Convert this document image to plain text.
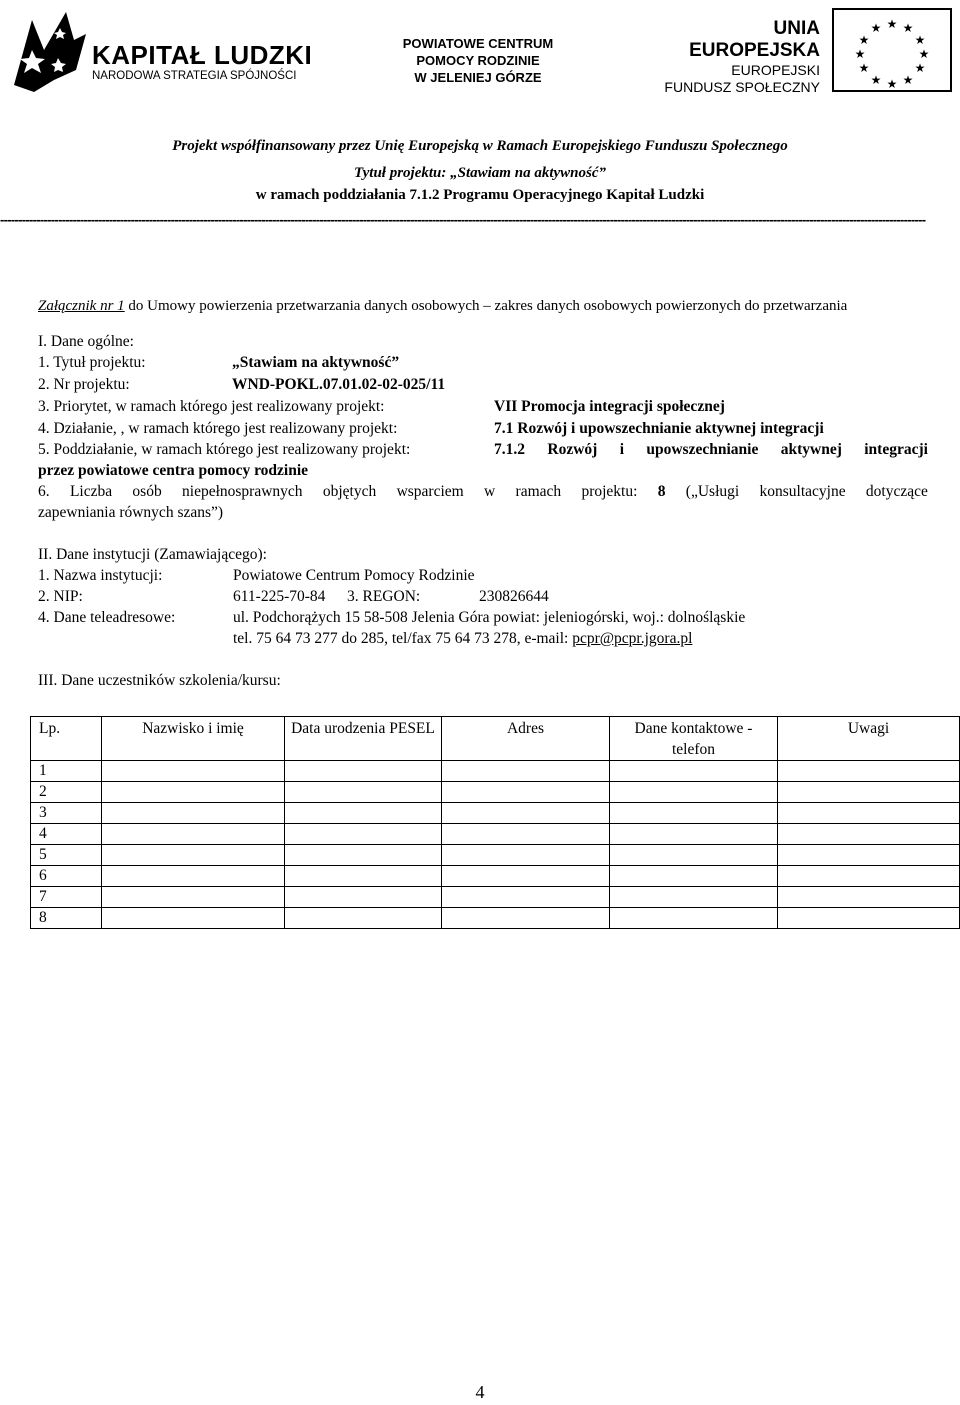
KAPITAŁ LUDZKI
NARODOWA STRATEGIA SPÓJNOŚCI
POWIATOWE CENTRUM
POMOCY RODZINIE
W JELENIEJ GÓRZE
UNIA EUROPEJSKA
EUROPEJSKI
FUNDUSZ SPOŁECZNY
★ ★
★
★
★
★
★
★
★
★
★
★
Projekt współfinansowany przez Unię Europejską w Ramach Europejskiego Funduszu Społecznego
Tytuł projektu: „Stawiam na aktywność”
w ramach poddziałania 7.1.2 Programu Operacyjnego Kapitał Ludzki
---------------------------------------------------------------------------------------------------------------------------------------------------------------------------------------------------------------------------------------------------------------
Załącznik nr 1 do Umowy powierzenia przetwarzania danych osobowych – zakres danych osobowych powierzonych do przetwarzania
I. Dane ogólne:
1. Tytuł projektu:	„Stawiam na aktywność”
2. Nr projektu:	WND-POKL.07.01.02-02-025/11
3. Priorytet, w ramach którego jest realizowany projekt:	VII Promocja integracji społecznej
4. Działanie, , w ramach którego jest realizowany projekt:	7.1 Rozwój i upowszechnianie aktywnej integracji
5. Poddziałanie, w ramach którego jest realizowany projekt:	7.1.2 Rozwój i upowszechnianie aktywnej integracji
przez powiatowe centra pomocy rodzinie
6. Liczba osób niepełnosprawnych objętych wsparciem w ramach projektu: 8 („Usługi konsultacyjne dotyczące
zapewniania równych szans”)
II. Dane instytucji (Zamawiającego):
1. Nazwa instytucji:	Powiatowe Centrum Pomocy Rodzinie
2. NIP:	611-225-70-84 3. REGON:	230826644
4. Dane teleadresowe:	ul. Podchorążych 15 58-508 Jelenia Góra powiat: jeleniogórski, woj.: dolnośląskie
tel. 75 64 73 277 do 285, tel/fax 75 64 73 278, e-mail: pcpr@pcpr.jgora.pl
III. Dane uczestników szkolenia/kursu:
Lp.	Nazwisko i imię	Data urodzenia PESEL	Adres	Dane kontaktowe - telefon	Uwagi
1					
2					
3					
4					
5					
6					
7					
8					
4
